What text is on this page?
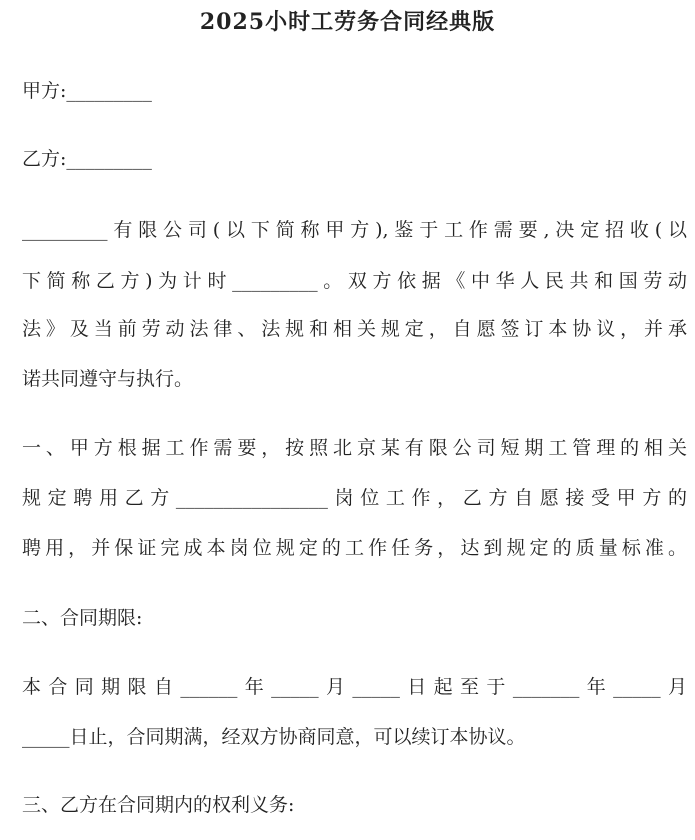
2025小时工劳务合同经典版
甲方:_________
乙方:_________
_________有限公司(以下简称甲方),鉴于工作需要,决定招收(以
下简称乙方)为计时_________。双方依据《中华人民共和国劳动
法》及当前劳动法律、法规和相关规定，自愿签订本协议，并承
诺共同遵守与执行。
一、甲方根据工作需要，按照北京某有限公司短期工管理的相关
规定聘用乙方________________岗位工作，乙方自愿接受甲方的
聘用，并保证完成本岗位规定的工作任务，达到规定的质量标准。
二、合同期限:
本合同期限自______年_____月_____日起至于_______年_____月
_____日止，合同期满，经双方协商同意，可以续订本协议。
三、乙方在合同期内的权利义务:
